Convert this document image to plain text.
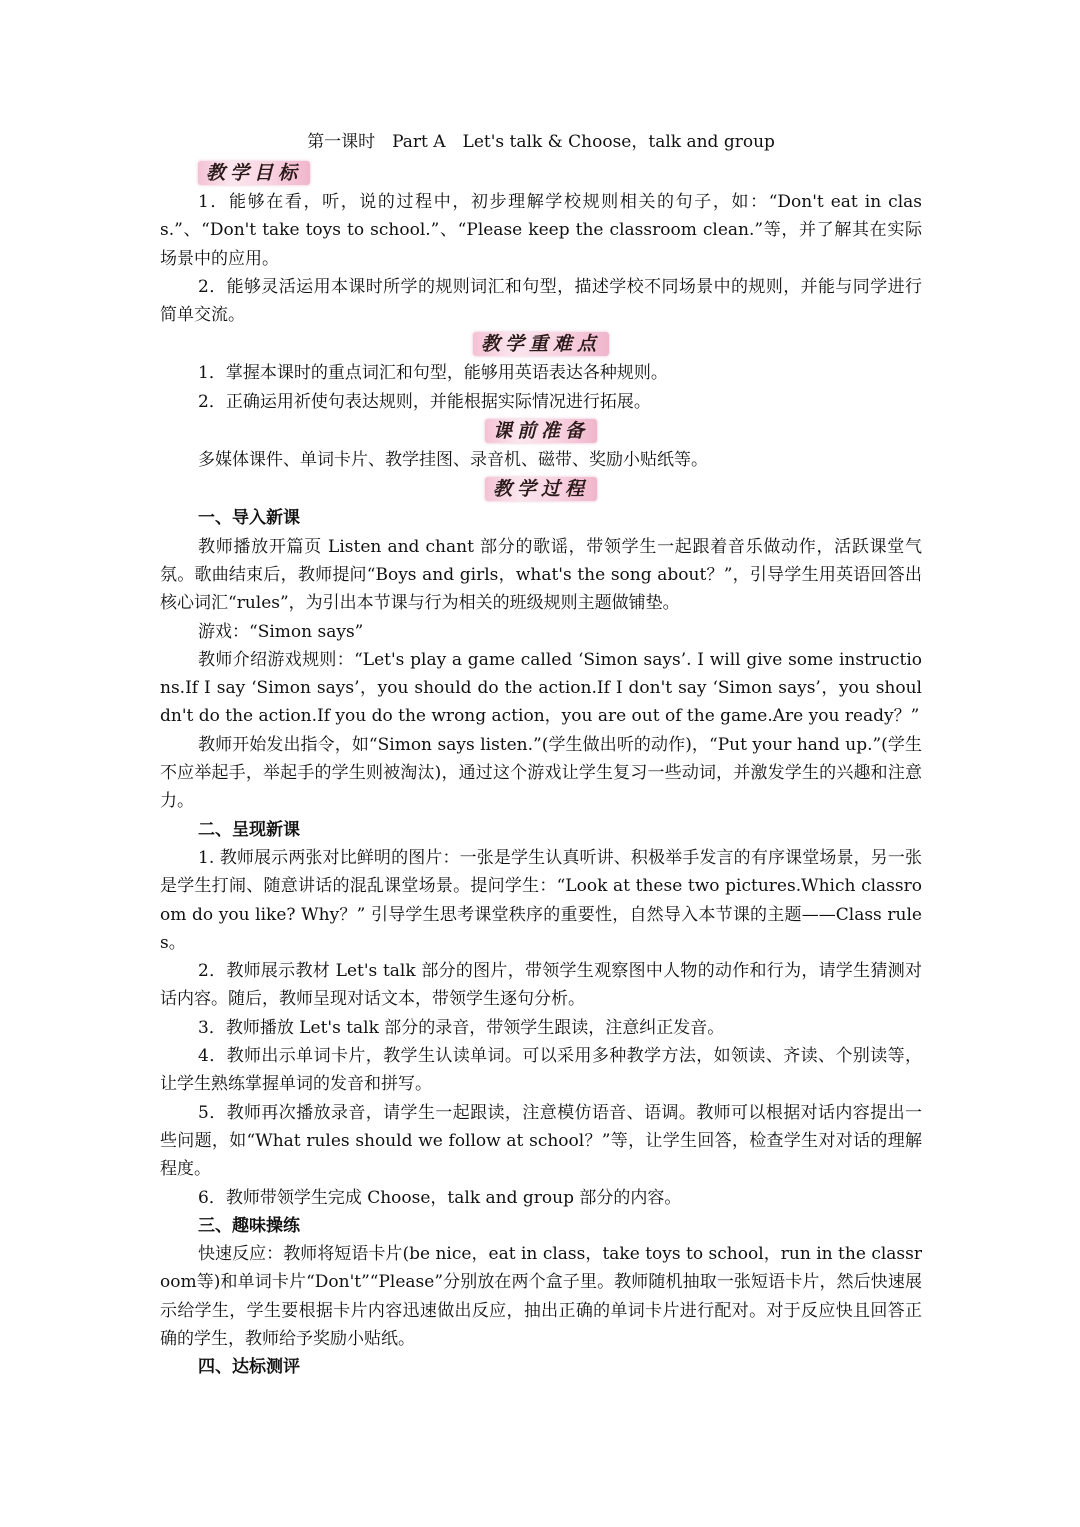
第一课时　Part A　Let's talk & Choose，talk and group
教学目标

1．能够在看，听，说的过程中，初步理解学校规则相关的句子，如：“Don't eat in class.”、“Don't take toys to school.”、“Please keep the classroom clean.”等，并了解其在实际场景中的应用。

2．能够灵活运用本课时所学的规则词汇和句型，描述学校不同场景中的规则，并能与同学进行简单交流。

教学重难点

1．掌握本课时的重点词汇和句型，能够用英语表达各种规则。

2．正确运用祈使句表达规则，并能根据实际情况进行拓展。

课前准备

多媒体课件、单词卡片、教学挂图、录音机、磁带、奖励小贴纸等。

教学过程

一、导入新课

教师播放开篇页 Listen and chant 部分的歌谣，带领学生一起跟着音乐做动作，活跃课堂气氛。歌曲结束后，教师提问“Boys and girls，what's the song about？”，引导学生用英语回答出核心词汇“rules”，为引出本节课与行为相关的班级规则主题做铺垫。

游戏：“Simon says”

教师介绍游戏规则：“Let's play a game called ‘Simon says’. I will give some instructions.If I say ‘Simon says’，you should do the action.If I don't say ‘Simon says’，you shouldn't do the action.If you do the wrong action，you are out of the game.Are you ready？”

教师开始发出指令，如“Simon says listen.”(学生做出听的动作)，“Put your hand up.”(学生不应举起手，举起手的学生则被淘汰)，通过这个游戏让学生复习一些动词，并激发学生的兴趣和注意力。

二、呈现新课

1. 教师展示两张对比鲜明的图片：一张是学生认真听讲、积极举手发言的有序课堂场景，另一张是学生打闹、随意讲话的混乱课堂场景。提问学生：“Look at these two pictures.Which classroom do you like? Why？” 引导学生思考课堂秩序的重要性，自然导入本节课的主题——Class rules。

2．教师展示教材 Let's talk 部分的图片，带领学生观察图中人物的动作和行为，请学生猜测对话内容。随后，教师呈现对话文本，带领学生逐句分析。

3．教师播放 Let's talk 部分的录音，带领学生跟读，注意纠正发音。

4．教师出示单词卡片，教学生认读单词。可以采用多种教学方法，如领读、齐读、个别读等，让学生熟练掌握单词的发音和拼写。

5．教师再次播放录音，请学生一起跟读，注意模仿语音、语调。教师可以根据对话内容提出一些问题，如“What rules should we follow at school？”等，让学生回答，检查学生对对话的理解程度。

6．教师带领学生完成 Choose，talk and group 部分的内容。

三、趣味操练

快速反应：教师将短语卡片(be nice，eat in class，take toys to school，run in the classroom等)和单词卡片“Don't”“Please”分别放在两个盒子里。教师随机抽取一张短语卡片，然后快速展示给学生，学生要根据卡片内容迅速做出反应，抽出正确的单词卡片进行配对。对于反应快且回答正确的学生，教师给予奖励小贴纸。

四、达标测评
